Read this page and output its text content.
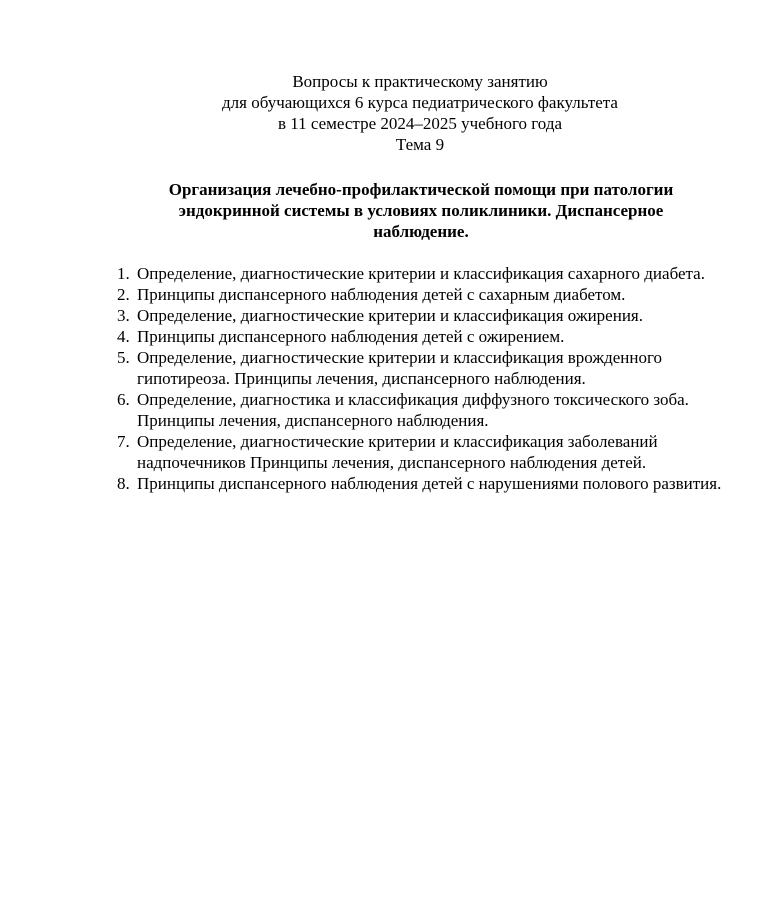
Вопросы к практическому занятию
для обучающихся 6 курса педиатрического факультета
в 11 семестре 2024–2025 учебного года
Тема 9
Организация лечебно-профилактической помощи при патологии эндокринной системы в условиях поликлиники. Диспансерное наблюдение.
1. Определение, диагностические критерии и классификация сахарного диабета.
2. Принципы диспансерного наблюдения детей с сахарным диабетом.
3. Определение, диагностические критерии и классификация ожирения.
4. Принципы диспансерного наблюдения детей с ожирением.
5. Определение, диагностические критерии и классификация врожденного гипотиреоза. Принципы лечения, диспансерного наблюдения.
6. Определение, диагностика и классификация диффузного токсического зоба. Принципы лечения, диспансерного наблюдения.
7. Определение, диагностические критерии и классификация заболеваний надпочечников Принципы лечения, диспансерного наблюдения детей.
8. Принципы диспансерного наблюдения детей с нарушениями полового развития.
